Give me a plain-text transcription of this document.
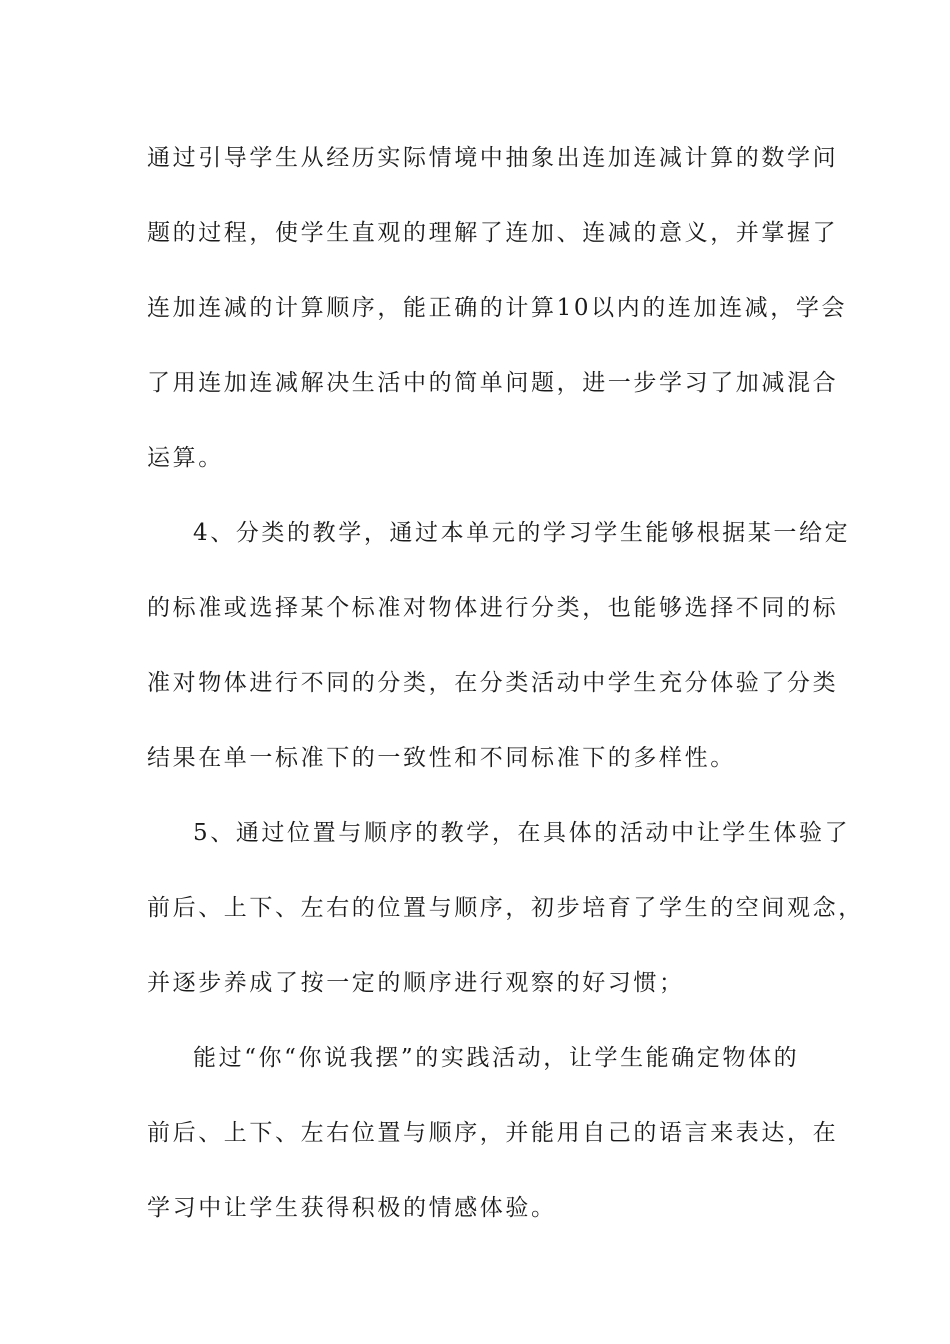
通过引导学生从经历实际情境中抽象出连加连减计算的数学问
题的过程，使学生直观的理解了连加、连减的意义，并掌握了
连加连减的计算顺序，能正确的计算10以内的连加连减，学会
了用连加连减解决生活中的简单问题，进一步学习了加减混合
运算。
4、分类的教学，通过本单元的学习学生能够根据某一给定
的标准或选择某个标准对物体进行分类，也能够选择不同的标
准对物体进行不同的分类，在分类活动中学生充分体验了分类
结果在单一标准下的一致性和不同标准下的多样性。
5、通过位置与顺序的教学，在具体的活动中让学生体验了
前后、上下、左右的位置与顺序，初步培育了学生的空间观念，
并逐步养成了按一定的顺序进行观察的好习惯；
能过“你“你说我摆”的实践活动，让学生能确定物体的
前后、上下、左右位置与顺序，并能用自己的语言来表达，在
学习中让学生获得积极的情感体验。
